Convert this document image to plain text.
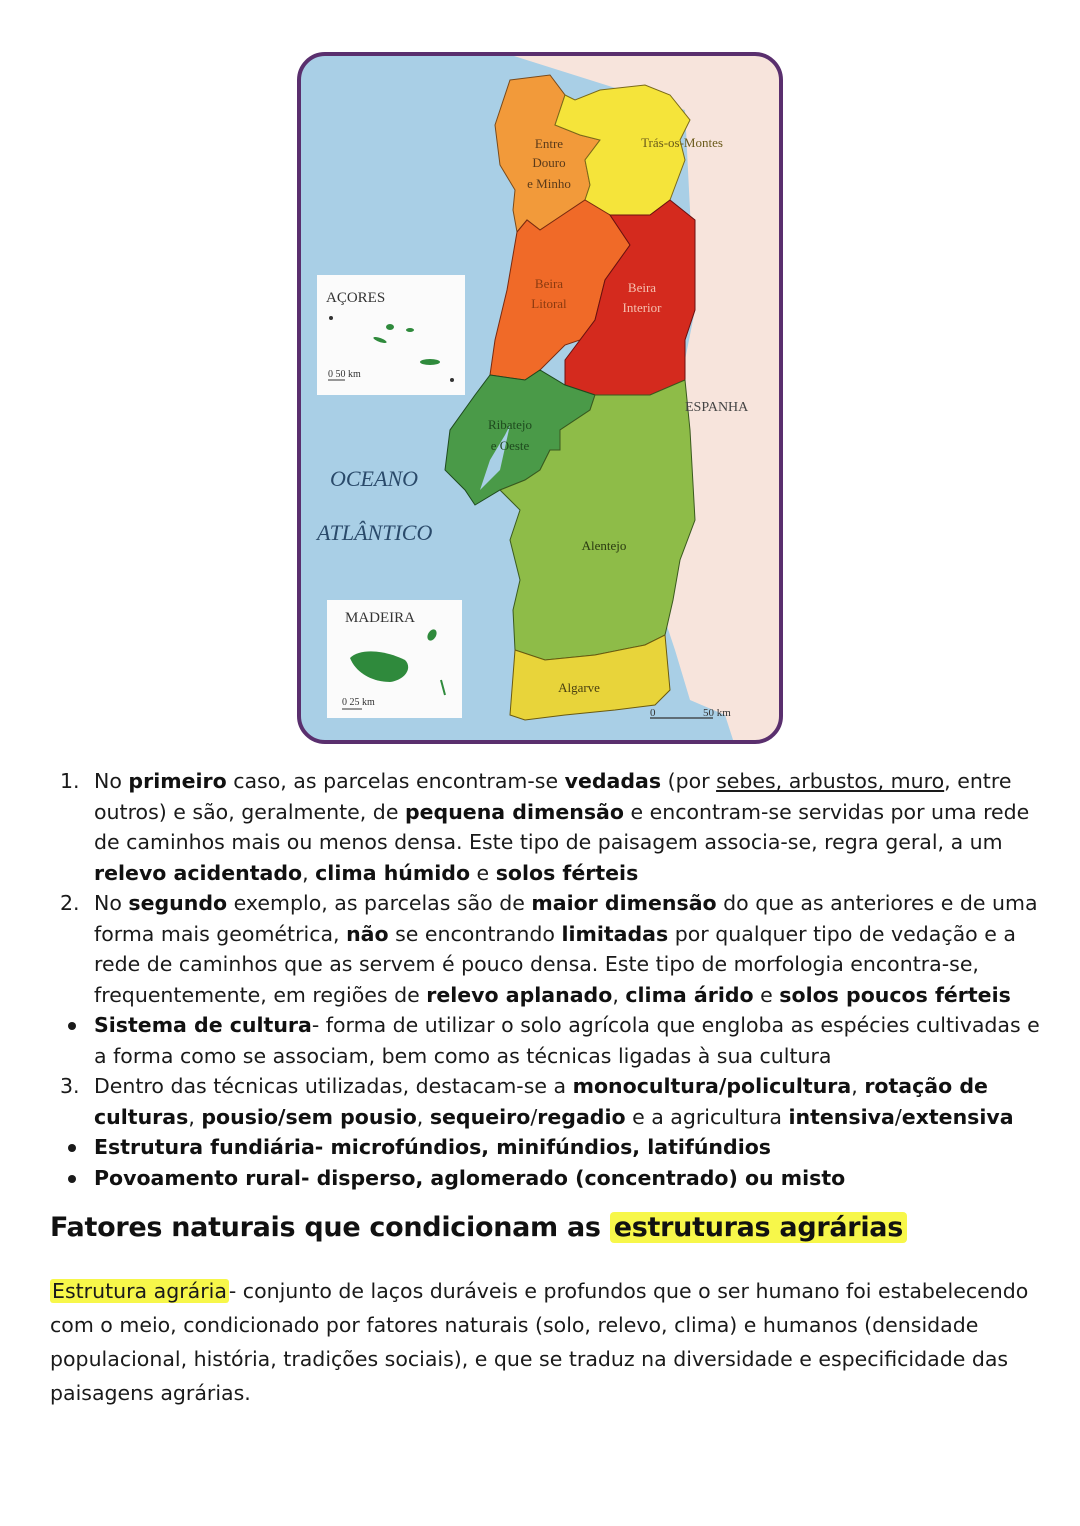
Entre
Douro
e Minho
Trás-os-Montes
Beira
Litoral
Beira
Interior
Ribatejo
e Oeste
Alentejo
Algarve
AÇORES
0 50 km
MADEIRA
0 25 km
OCEANO
ATLÂNTICO
ESPANHA
0	50 km
1. No primeiro caso, as parcelas encontram-se vedadas (por sebes, arbustos, muro, entre outros) e são, geralmente, de pequena dimensão e encontram-se servidas por uma rede de caminhos mais ou menos densa. Este tipo de paisagem associa-se, regra geral, a um relevo acidentado, clima húmido e solos férteis
2. No segundo exemplo, as parcelas são de maior dimensão do que as anteriores e de uma forma mais geométrica, não se encontrando limitadas por qualquer tipo de vedação e a rede de caminhos que as servem é pouco densa. Este tipo de morfologia encontra-se, frequentemente, em regiões de relevo aplanado, clima árido e solos poucos férteis
Sistema de cultura- forma de utilizar o solo agrícola que engloba as espécies cultivadas e a forma como se associam, bem como as técnicas ligadas à sua cultura
3. Dentro das técnicas utilizadas, destacam-se a monocultura/policultura, rotação de culturas, pousio/sem pousio, sequeiro/regadio e a agricultura intensiva/extensiva
Estrutura fundiária- microfúndios, minifúndios, latifúndios
Povoamento rural- disperso, aglomerado (concentrado) ou misto
Fatores naturais que condicionam as estruturas agrárias
Estrutura agrária- conjunto de laços duráveis e profundos que o ser humano foi estabelecendo com o meio, condicionado por fatores naturais (solo, relevo, clima) e humanos (densidade populacional, história, tradições sociais), e que se traduz na diversidade e especificidade das paisagens agrárias.
